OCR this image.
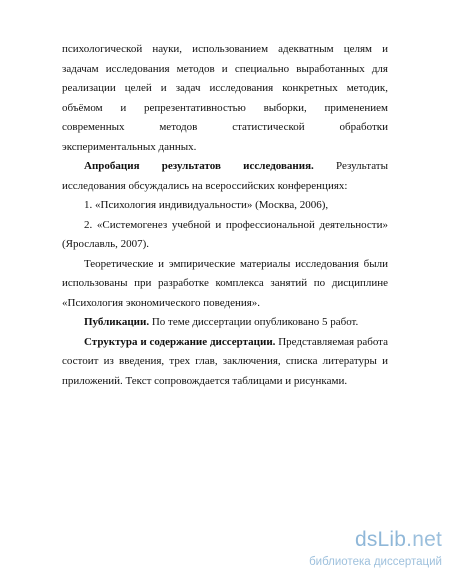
психологической науки, использованием адекватным целям и задачам исследования методов и специально выработанных для реализации целей и задач исследования конкретных методик, объёмом и репрезентативностью выборки, применением современных методов статистической обработки экспериментальных данных.

Апробация результатов исследования. Результаты исследования обсуждались на всероссийских конференциях:

1. «Психология индивидуальности» (Москва, 2006),

2. «Системогенез учебной и профессиональной деятельности» (Ярославль, 2007).

Теоретические и эмпирические материалы исследования были использованы при разработке комплекса занятий по дисциплине «Психология экономического поведения».

Публикации. По теме диссертации опубликовано 5 работ.

Структура и содержание диссертации. Представляемая работа состоит из введения, трех глав, заключения, списка литературы и приложений. Текст сопровождается таблицами и рисунками.

dsLib.net
библиотека диссертаций
